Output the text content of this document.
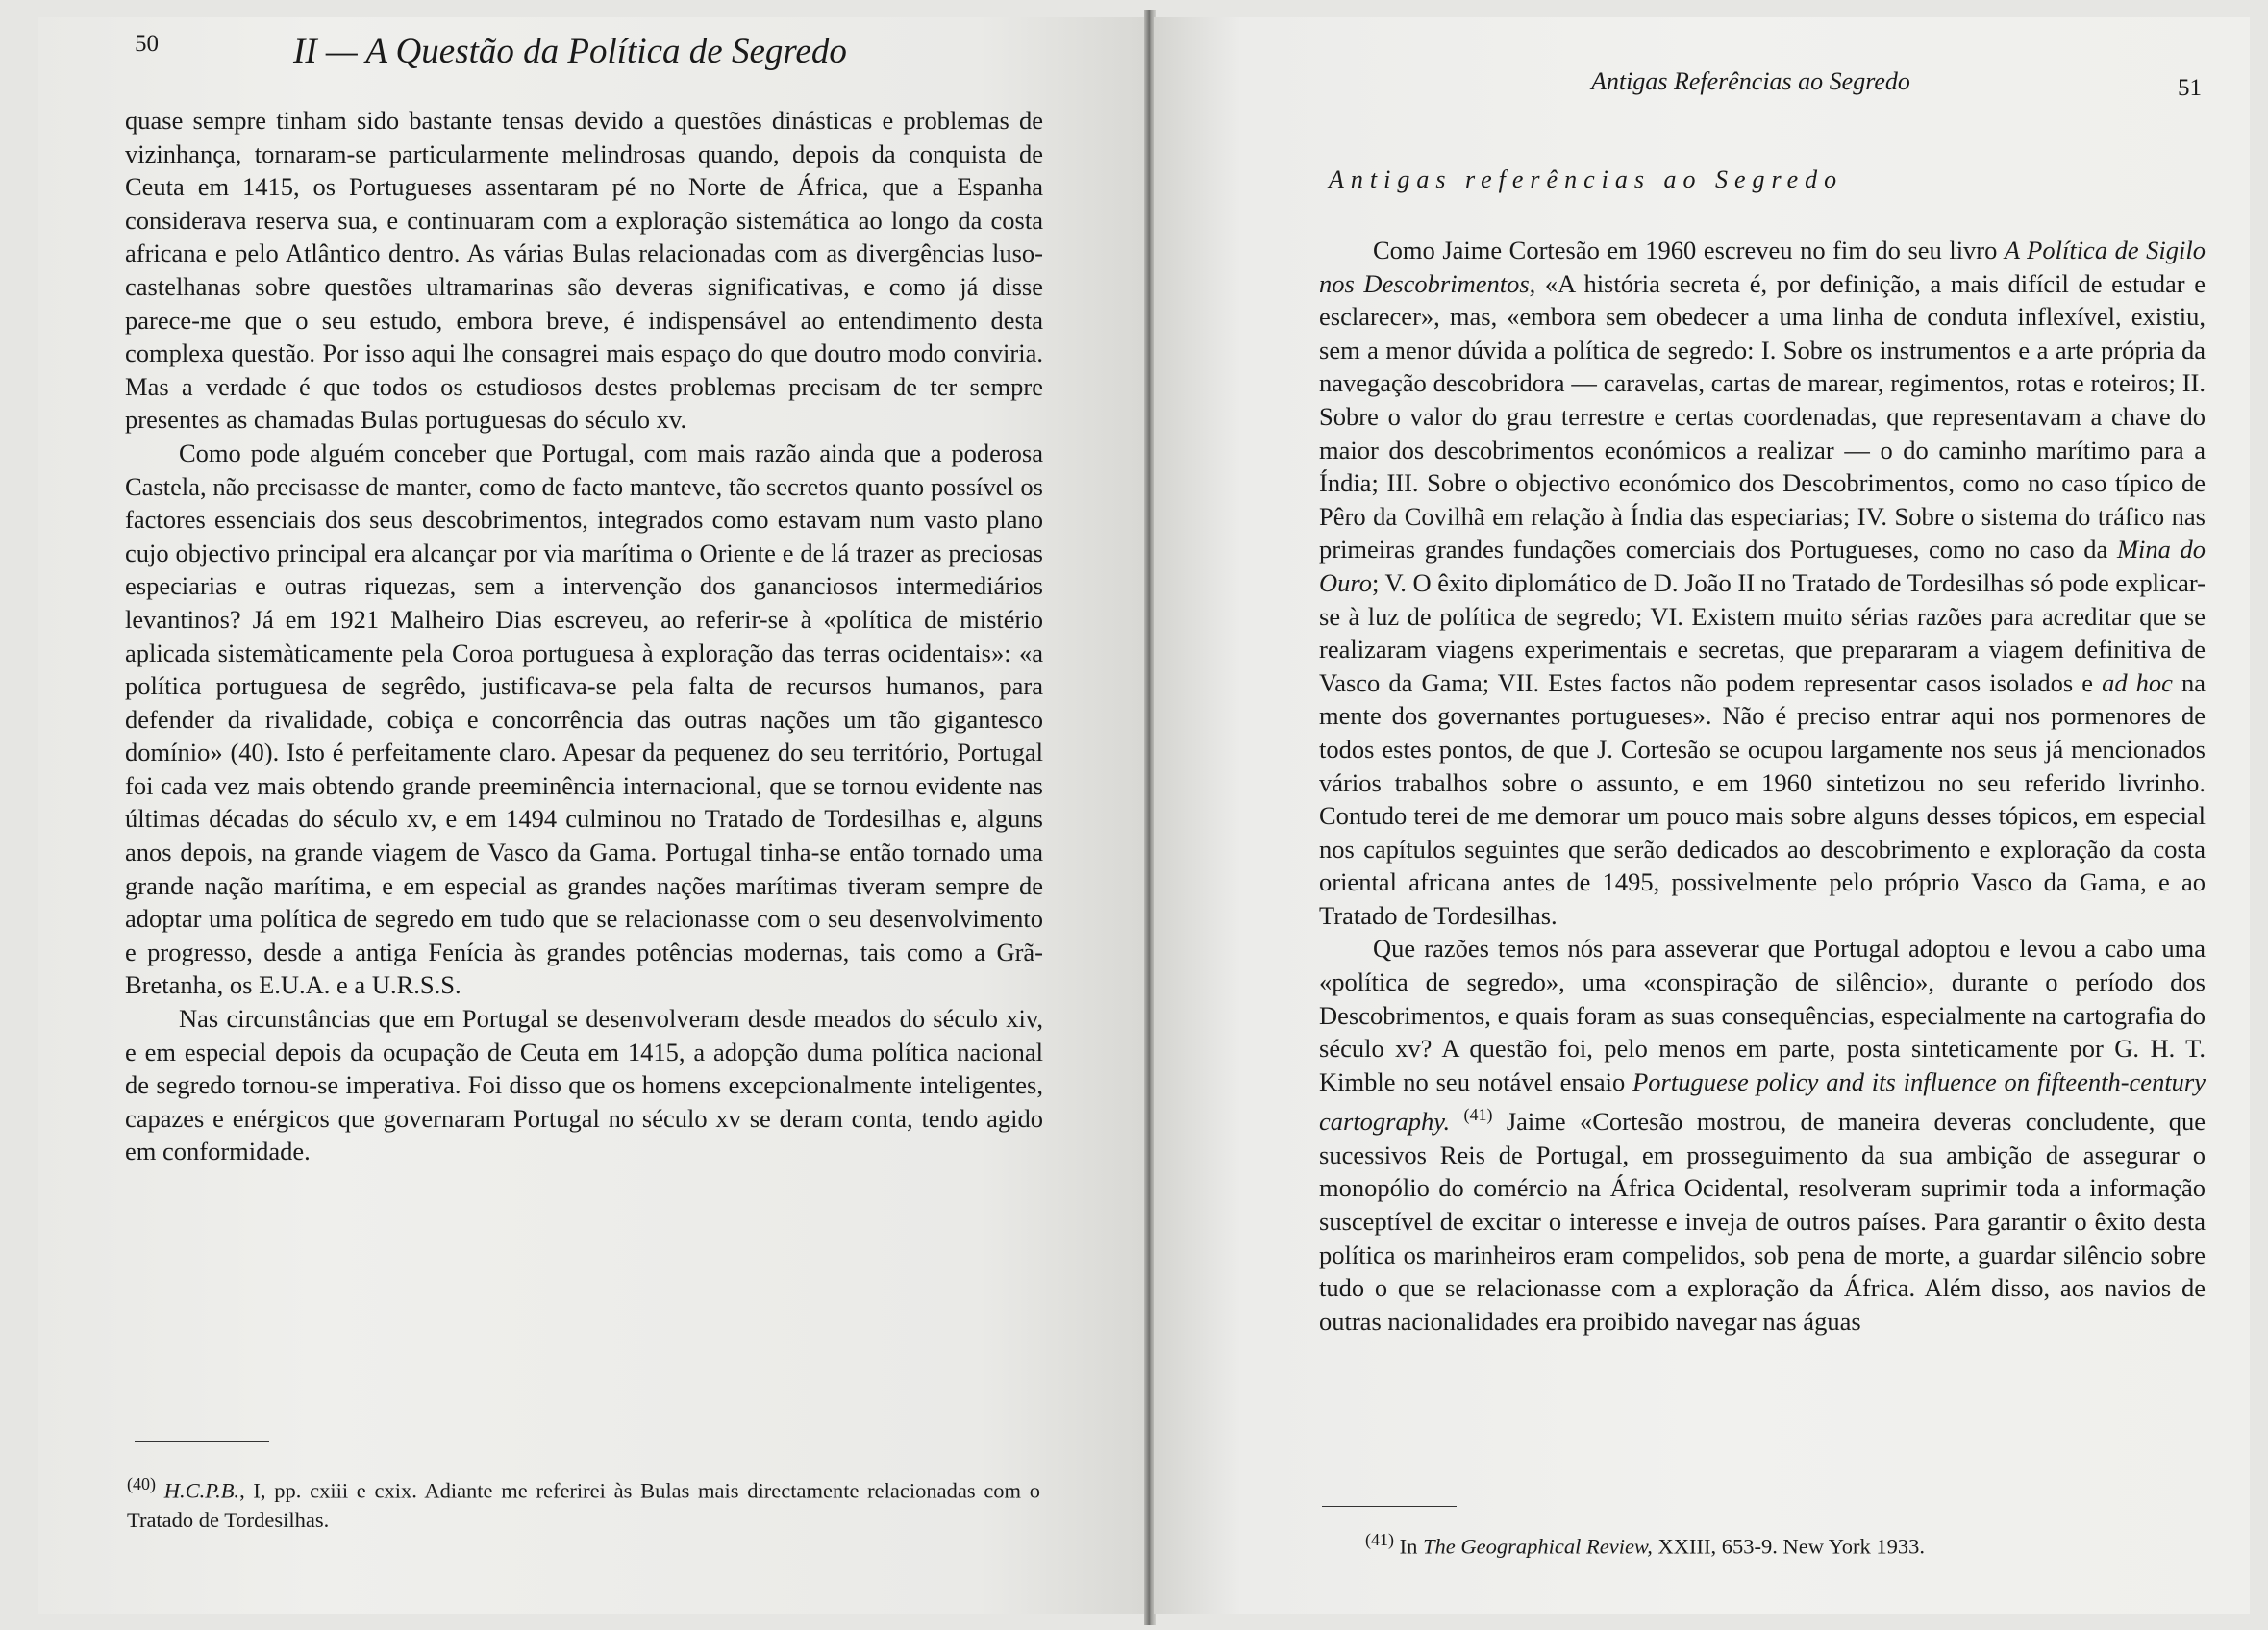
50	II — A Questão da Política de Segredo

quase sempre tinham sido bastante tensas devido a questões dinásticas e problemas de vizinhança, tornaram-se particularmente melindrosas quando, depois da conquista de Ceuta em 1415, os Portugueses assentaram pé no Norte de África, que a Espanha considerava reserva sua, e continuaram com a exploração sistemática ao longo da costa africana e pelo Atlântico dentro. As várias Bulas relacionadas com as divergências luso-castelhanas sobre questões ultramarinas são deveras significativas, e como já disse parece-me que o seu estudo, embora breve, é indispensável ao entendimento desta complexa questão. Por isso aqui lhe consagrei mais espaço do que doutro modo conviria. Mas a verdade é que todos os estudiosos destes problemas precisam de ter sempre presentes as chamadas Bulas portuguesas do século xv.

Como pode alguém conceber que Portugal, com mais razão ainda que a poderosa Castela, não precisasse de manter, como de facto manteve, tão secretos quanto possível os factores essenciais dos seus descobrimentos, integrados como estavam num vasto plano cujo objectivo principal era alcançar por via marítima o Oriente e de lá trazer as preciosas especiarias e outras riquezas, sem a intervenção dos gananciosos intermediários levantinos? Já em 1921 Malheiro Dias escreveu, ao referir-se à «política de mistério aplicada sistemàticamente pela Coroa portuguesa à exploração das terras ocidentais»: «a política portuguesa de segrêdo, justificava-se pela falta de recursos humanos, para defender da rivalidade, cobiça e concorrência das outras nações um tão gigantesco domínio» (40). Isto é perfeitamente claro. Apesar da pequenez do seu território, Portugal foi cada vez mais obtendo grande preeminência internacional, que se tornou evidente nas últimas décadas do século xv, e em 1494 culminou no Tratado de Tordesilhas e, alguns anos depois, na grande viagem de Vasco da Gama. Portugal tinha-se então tornado uma grande nação marítima, e em especial as grandes nações marítimas tiveram sempre de adoptar uma política de segredo em tudo que se relacionasse com o seu desenvolvimento e progresso, desde a antiga Fenícia às grandes potências modernas, tais como a Grã-Bretanha, os E.U.A. e a U.R.S.S.

Nas circunstâncias que em Portugal se desenvolveram desde meados do século xiv, e em especial depois da ocupação de Ceuta em 1415, a adopção duma política nacional de segredo tornou-se imperativa. Foi disso que os homens excepcionalmente inteligentes, capazes e enérgicos que governaram Portugal no século xv se deram conta, tendo agido em conformidade.

$^{(40)}$ H.C.P.B., I, pp. cxiii e cxix. Adiante me referirei às Bulas mais directamente relacionadas com o Tratado de Tordesilhas.
51
Antigas Referências ao Segredo
Antigas referências ao Segredo

Como Jaime Cortesão em 1960 escreveu no fim do seu livro A Política de Sigilo nos Descobrimentos, «A história secreta é, por definição, a mais difícil de estudar e esclarecer», mas, «embora sem obedecer a uma linha de conduta inflexível, existiu, sem a menor dúvida a política de segredo: I. Sobre os instrumentos e a arte própria da navegação descobridora — caravelas, cartas de marear, regimentos, rotas e roteiros; II. Sobre o valor do grau terrestre e certas coordenadas, que representavam a chave do maior dos descobrimentos económicos a realizar — o do caminho marítimo para a Índia; III. Sobre o objectivo económico dos Descobrimentos, como no caso típico de Pêro da Covilhã em relação à Índia das especiarias; IV. Sobre o sistema do tráfico nas primeiras grandes fundações comerciais dos Portugueses, como no caso da Mina do Ouro; V. O êxito diplomático de D. João II no Tratado de Tordesilhas só pode explicar-se à luz de política de segredo; VI. Existem muito sérias razões para acreditar que se realizaram viagens experimentais e secretas, que prepararam a viagem definitiva de Vasco da Gama; VII. Estes factos não podem representar casos isolados e ad hoc na mente dos governantes portugueses». Não é preciso entrar aqui nos pormenores de todos estes pontos, de que J. Cortesão se ocupou largamente nos seus já mencionados vários trabalhos sobre o assunto, e em 1960 sintetizou no seu referido livrinho. Contudo terei de me demorar um pouco mais sobre alguns desses tópicos, em especial nos capítulos seguintes que serão dedicados ao descobrimento e exploração da costa oriental africana antes de 1495, possivelmente pelo próprio Vasco da Gama, e ao Tratado de Tordesilhas.

Que razões temos nós para asseverar que Portugal adoptou e levou a cabo uma «política de segredo», uma «conspiração de silêncio», durante o período dos Descobrimentos, e quais foram as suas consequências, especialmente na cartografia do século xv? A questão foi, pelo menos em parte, posta sinteticamente por G. H. T. Kimble no seu notável ensaio Portuguese policy and its influence on fifteenth-century cartography. $^{(41)}$ Jaime «Cortesão mostrou, de maneira deveras concludente, que sucessivos Reis de Portugal, em prosseguimento da sua ambição de assegurar o monopólio do comércio na África Ocidental, resolveram suprimir toda a informação susceptível de excitar o interesse e inveja de outros países. Para garantir o êxito desta política os marinheiros eram compelidos, sob pena de morte, a guardar silêncio sobre tudo o que se relacionasse com a exploração da África. Além disso, aos navios de outras nacionalidades era proibido navegar nas águas

$^{(41)}$ In The Geographical Review, XXIII, 653-9. New York 1933.
